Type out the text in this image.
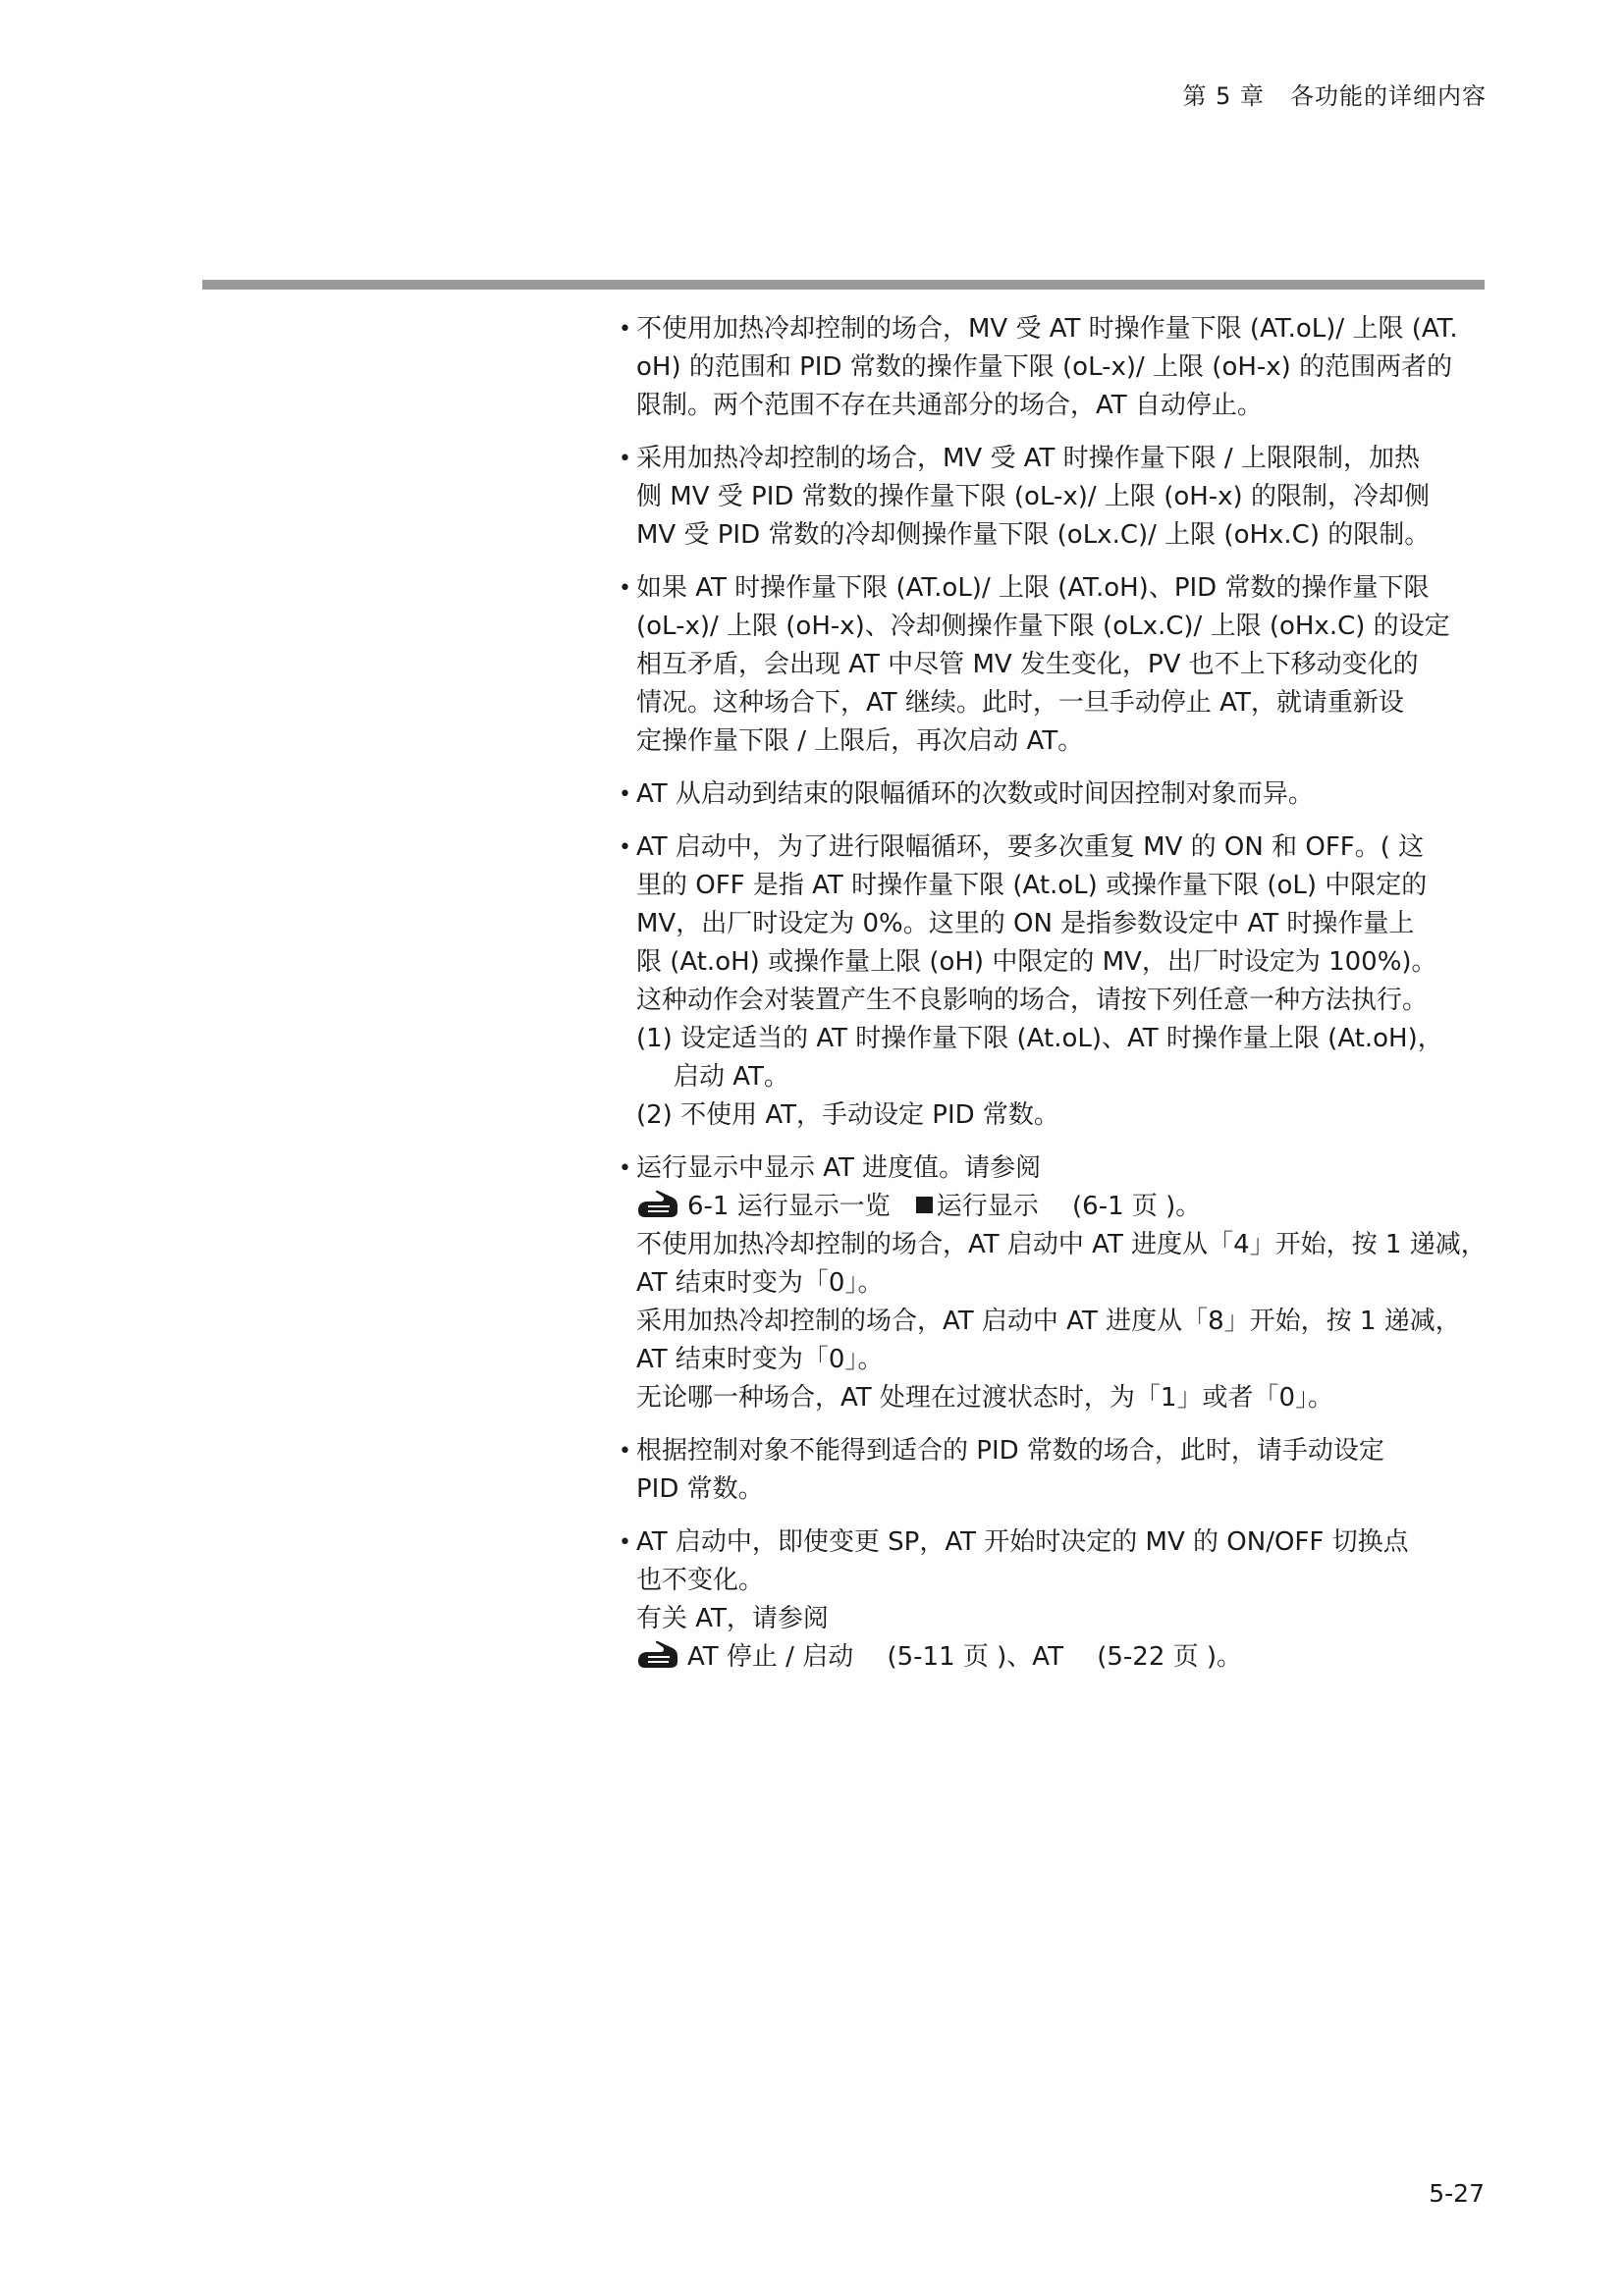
第 5 章 各功能的详细内容
• 不使用加热冷却控制的场合，MV 受 AT 时操作量下限 (AT.oL)/ 上限 (AT.
oH) 的范围和 PID 常数的操作量下限 (oL-x)/ 上限 (oH-x) 的范围两者的
限制。两个范围不存在共通部分的场合，AT 自动停止。
• 采用加热冷却控制的场合，MV 受 AT 时操作量下限 / 上限限制，加热
侧 MV 受 PID 常数的操作量下限 (oL-x)/ 上限 (oH-x) 的限制，冷却侧
MV 受 PID 常数的冷却侧操作量下限 (oLx.C)/ 上限 (oHx.C) 的限制。
• 如果 AT 时操作量下限 (AT.oL)/ 上限 (AT.oH)、PID 常数的操作量下限
(oL-x)/ 上限 (oH-x)、冷却侧操作量下限 (oLx.C)/ 上限 (oHx.C) 的设定
相互矛盾，会出现 AT 中尽管 MV 发生变化，PV 也不上下移动变化的
情况。这种场合下，AT 继续。此时，一旦手动停止 AT，就请重新设
定操作量下限 / 上限后，再次启动 AT。
• AT 从启动到结束的限幅循环的次数或时间因控制对象而异。
• AT 启动中，为了进行限幅循环，要多次重复 MV 的 ON 和 OFF。( 这
里的 OFF 是指 AT 时操作量下限 (At.oL) 或操作量下限 (oL) 中限定的
MV，出厂时设定为 0%。这里的 ON 是指参数设定中 AT 时操作量上
限 (At.oH) 或操作量上限 (oH) 中限定的 MV，出厂时设定为 100%)。
这种动作会对装置产生不良影响的场合，请按下列任意一种方法执行。
(1) 设定适当的 AT 时操作量下限 (At.oL)、AT 时操作量上限 (At.oH)，
启动 AT。
(2) 不使用 AT，手动设定 PID 常数。
• 运行显示中显示 AT 进度值。请参阅
6-1 运行显示一览 运行显示　 (6-1 页 )。
不使用加热冷却控制的场合，AT 启动中 AT 进度从「4」开始，按 1 递减，
AT 结束时变为「0」。
采用加热冷却控制的场合，AT 启动中 AT 进度从「8」开始，按 1 递减，
AT 结束时变为「0」。
无论哪一种场合，AT 处理在过渡状态时，为「1」或者「0」。
• 根据控制对象不能得到适合的 PID 常数的场合，此时，请手动设定
PID 常数。
• AT 启动中，即使变更 SP，AT 开始时决定的 MV 的 ON/OFF 切换点
也不变化。
有关 AT，请参阅
AT 停止 / 启动　 (5-11 页 )、AT　 (5-22 页 )。
5-27
